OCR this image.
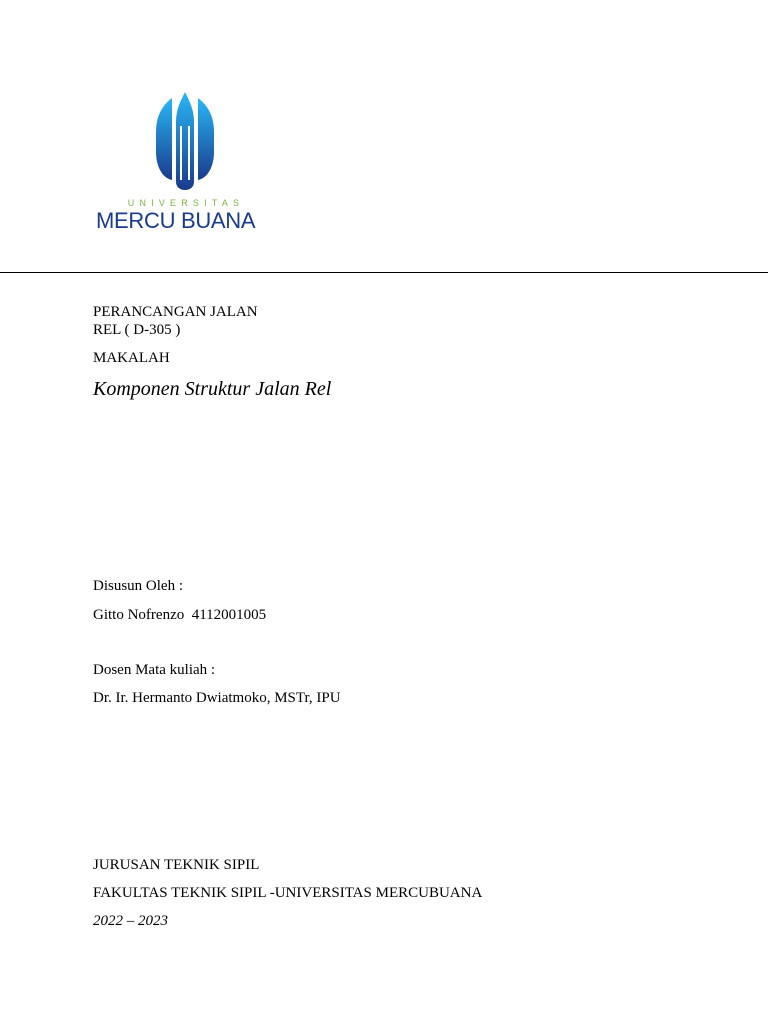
UNIVERSITAS
MERCU BUANA
PERANCANGAN JALAN
REL ( D-305 )
MAKALAH
Komponen Struktur Jalan Rel
Disusun Oleh :
Gitto Nofrenzo  4112001005
Dosen Mata kuliah :
Dr. Ir. Hermanto Dwiatmoko, MSTr, IPU
JURUSAN TEKNIK SIPIL
FAKULTAS TEKNIK SIPIL -UNIVERSITAS MERCUBUANA
2022 – 2023
